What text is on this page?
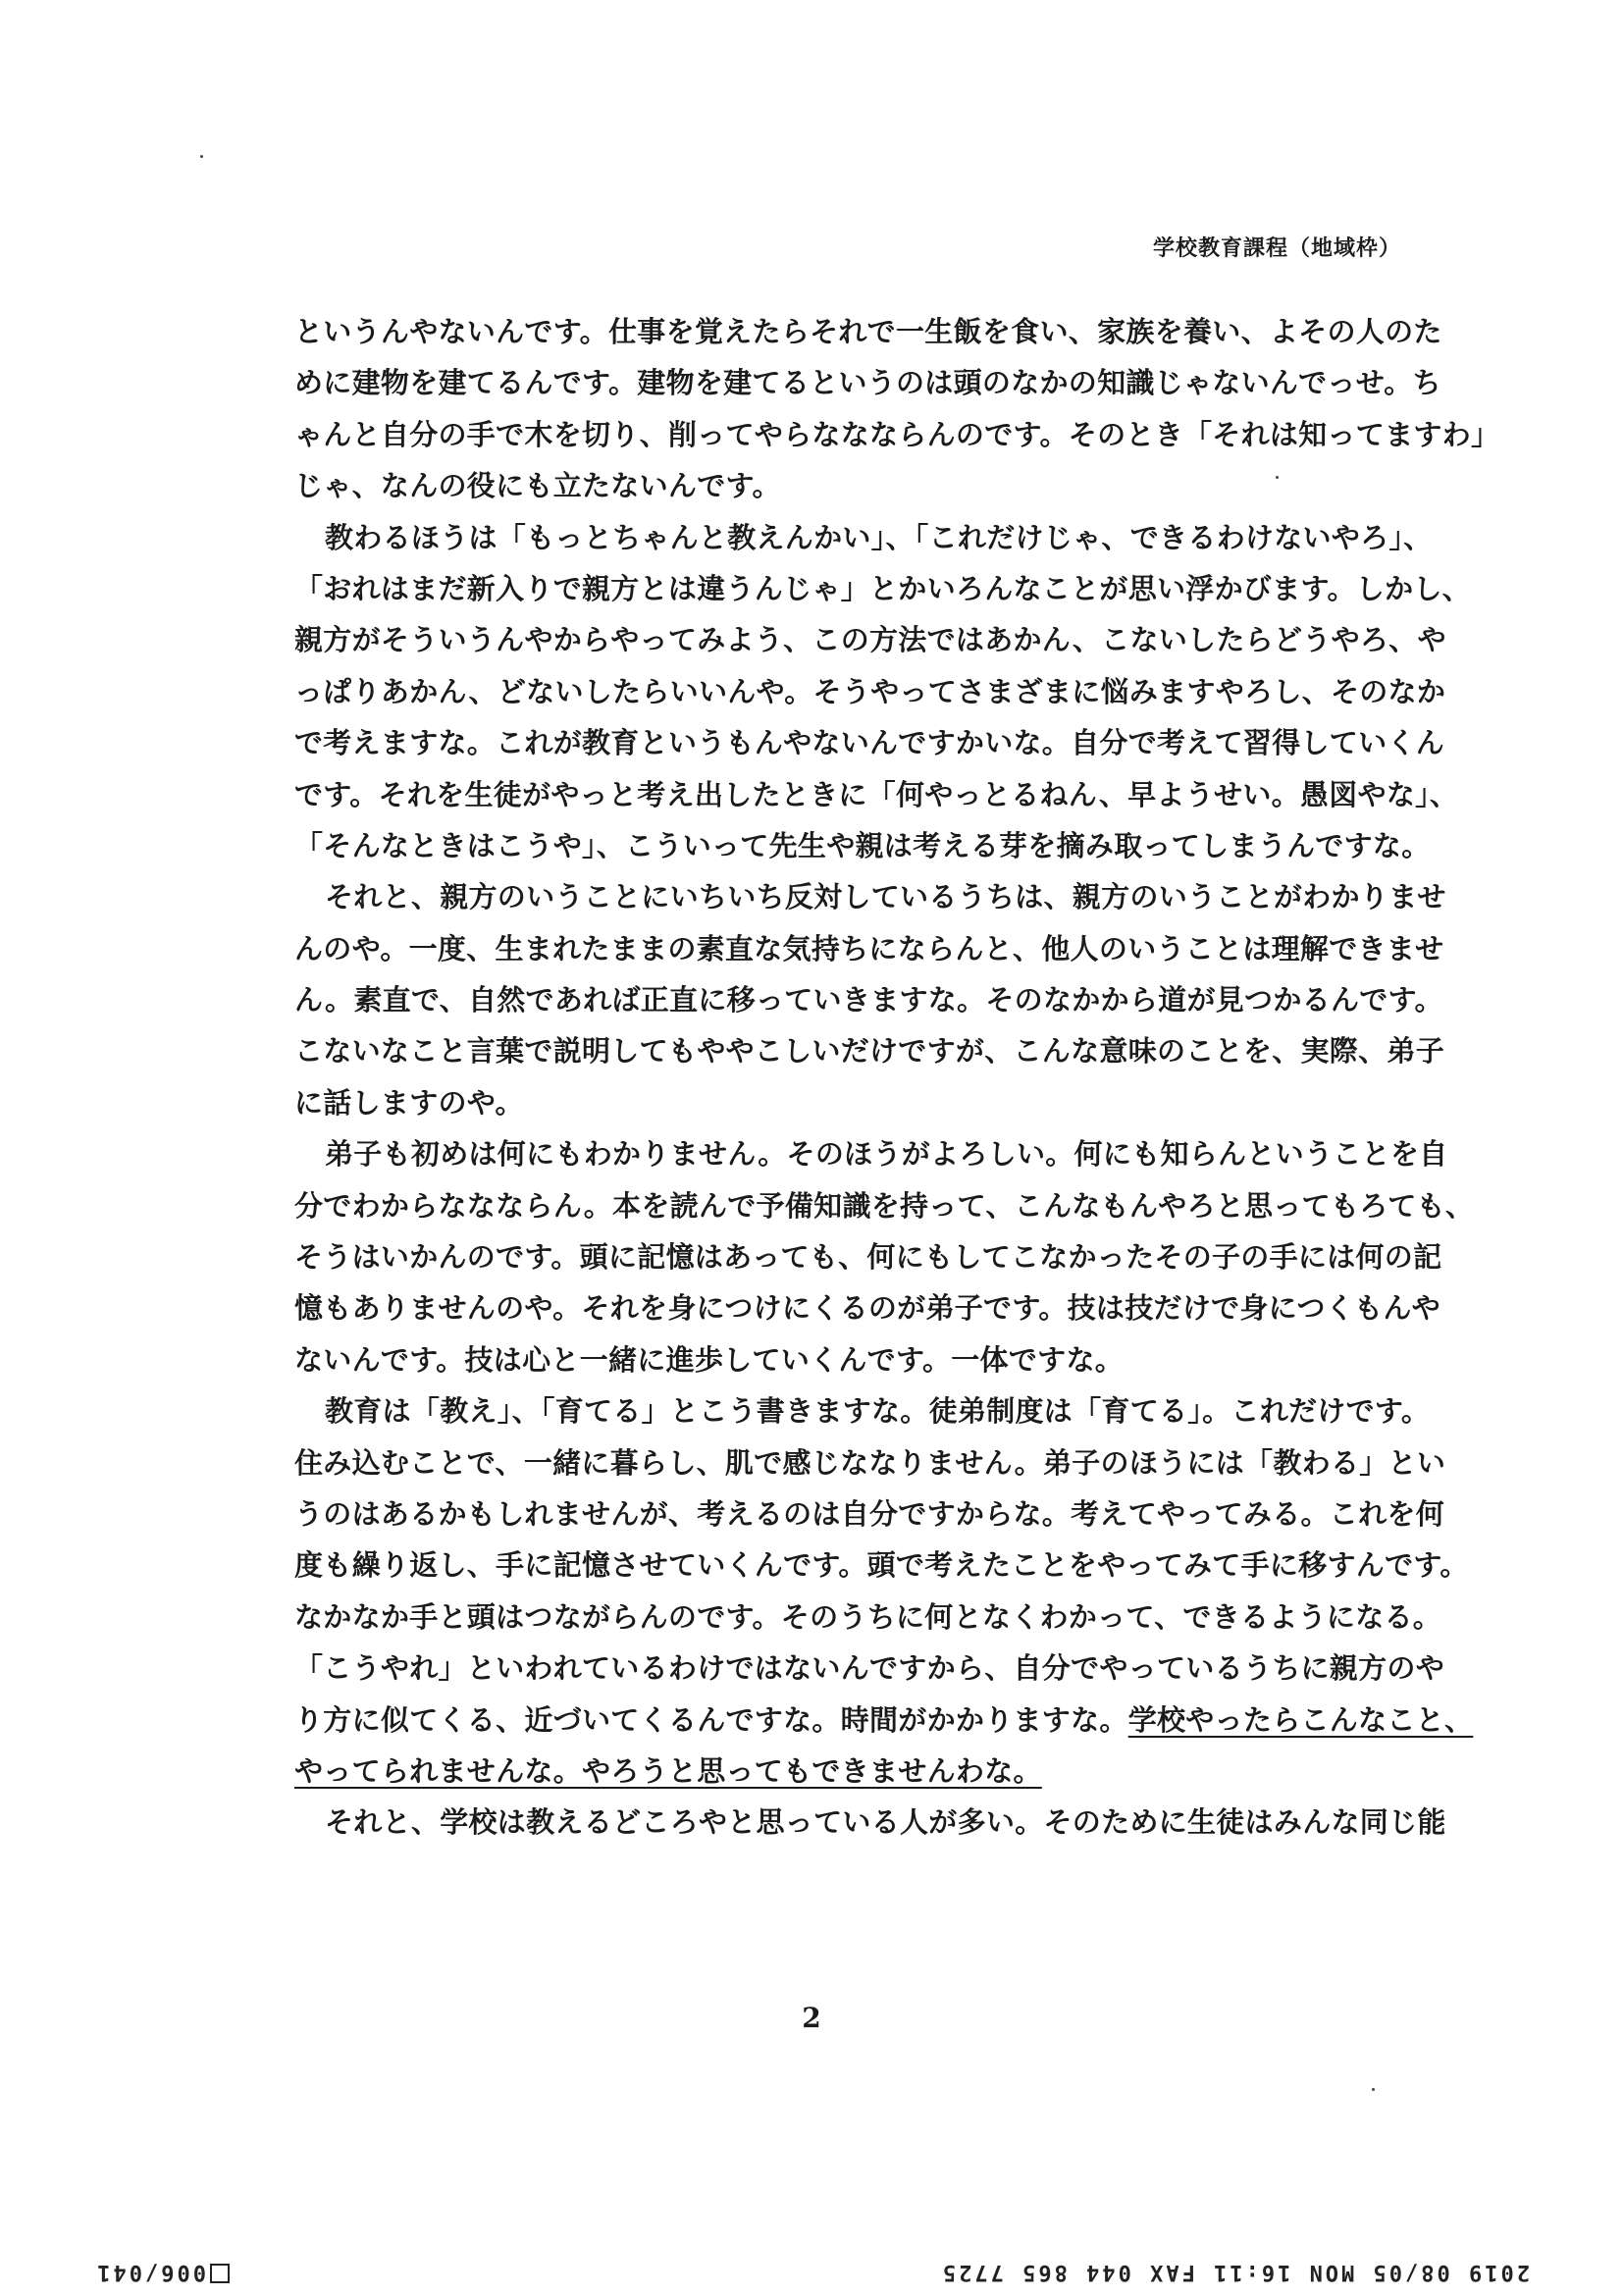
学校教育課程（地域枠）
というんやないんです。仕事を覚えたらそれで一生飯を食い、家族を養い、よその人のた
めに建物を建てるんです。建物を建てるというのは頭のなかの知識じゃないんでっせ。ち
ゃんと自分の手で木を切り、削ってやらななならんのです。そのとき「それは知ってますわ」
じゃ、なんの役にも立たないんです。
教わるほうは「もっとちゃんと教えんかい」、「これだけじゃ、できるわけないやろ」、
「おれはまだ新入りで親方とは違うんじゃ」とかいろんなことが思い浮かびます。しかし、
親方がそういうんやからやってみよう、この方法ではあかん、こないしたらどうやろ、や
っぱりあかん、どないしたらいいんや。そうやってさまざまに悩みますやろし、そのなか
で考えますな。これが教育というもんやないんですかいな。自分で考えて習得していくん
です。それを生徒がやっと考え出したときに「何やっとるねん、早ようせい。愚図やな」、
「そんなときはこうや」、こういって先生や親は考える芽を摘み取ってしまうんですな。
それと、親方のいうことにいちいち反対しているうちは、親方のいうことがわかりませ
んのや。一度、生まれたままの素直な気持ちにならんと、他人のいうことは理解できませ
ん。素直で、自然であれば正直に移っていきますな。そのなかから道が見つかるんです。
こないなこと言葉で説明してもややこしいだけですが、こんな意味のことを、実際、弟子
に話しますのや。
弟子も初めは何にもわかりません。そのほうがよろしい。何にも知らんということを自
分でわからななならん。本を読んで予備知識を持って、こんなもんやろと思ってもろても、
そうはいかんのです。頭に記憶はあっても、何にもしてこなかったその子の手には何の記
憶もありませんのや。それを身につけにくるのが弟子です。技は技だけで身につくもんや
ないんです。技は心と一緒に進歩していくんです。一体ですな。
教育は「教え」、「育てる」とこう書きますな。徒弟制度は「育てる」。これだけです。
住み込むことで、一緒に暮らし、肌で感じななりません。弟子のほうには「教わる」とい
うのはあるかもしれませんが、考えるのは自分ですからな。考えてやってみる。これを何
度も繰り返し、手に記憶させていくんです。頭で考えたことをやってみて手に移すんです。
なかなか手と頭はつながらんのです。そのうちに何となくわかって、できるようになる。
「こうやれ」といわれているわけではないんですから、自分でやっているうちに親方のや
り方に似てくる、近づいてくるんですな。時間がかかりますな。学校やったらこんなこと、
やってられませんな。やろうと思ってもできませんわな。
それと、学校は教えるどころやと思っている人が多い。そのために生徒はみんな同じ能
2
2019 08/05 MON 16:11 FAX 044 865 7725
006/041
